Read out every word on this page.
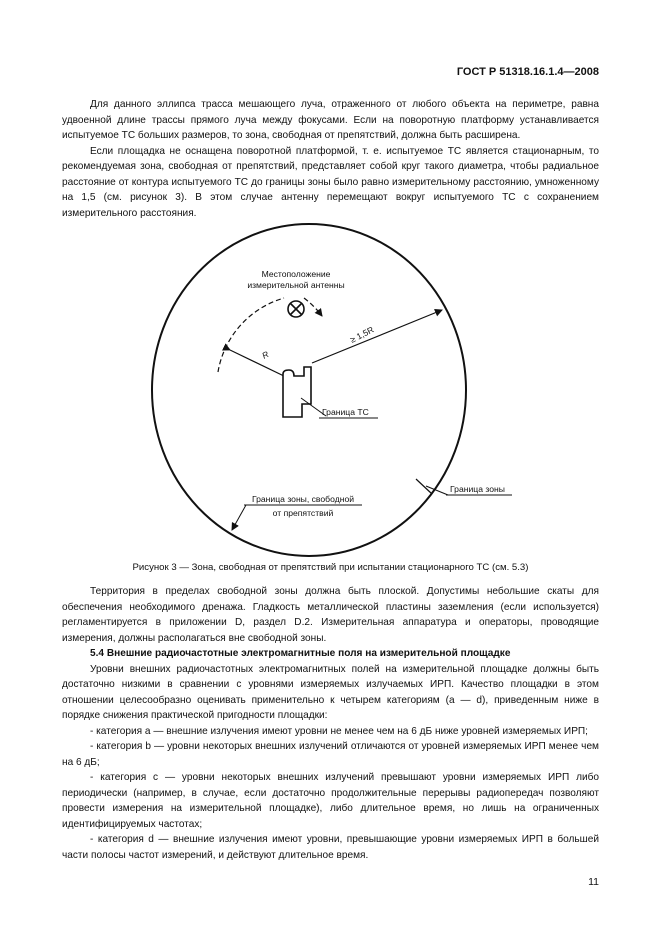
ГОСТ Р 51318.16.1.4—2008

Для данного эллипса трасса мешающего луча, отраженного от любого объекта на периметре, равна удвоенной длине трассы прямого луча между фокусами. Если на поворотную платформу устанавливается испытуемое ТС больших размеров, то зона, свободная от препятствий, должна быть расширена.

Если площадка не оснащена поворотной платформой, т. е. испытуемое ТС является стационарным, то рекомендуемая зона, свободная от препятствий, представляет собой круг такого диаметра, чтобы радиальное расстояние от контура испытуемого ТС до границы зоны было равно измерительному расстоянию, умноженному на 1,5 (см. рисунок 3). В этом случае антенну перемещают вокруг испытуемого ТС с сохранением измерительного расстояния.

Местоположение
измерительной антенны
R
≥ 1,5R
Граница ТС
Граница зоны
Граница зоны, свободной
от препятствий
Рисунок 3 — Зона, свободная от препятствий при испытании стационарного ТС (см. 5.3)

Территория в пределах свободной зоны должна быть плоской. Допустимы небольшие скаты для обеспечения необходимого дренажа. Гладкость металлической пластины заземления (если используется) регламентируется в приложении D, раздел D.2. Измерительная аппаратура и операторы, проводящие измерения, должны располагаться вне свободной зоны.

5.4 Внешние радиочастотные электромагнитные поля на измерительной площадке

Уровни внешних радиочастотных электромагнитных полей на измерительной площадке должны быть достаточно низкими в сравнении с уровнями измеряемых излучаемых ИРП. Качество площадки в этом отношении целесообразно оценивать применительно к четырем категориям (а — d), приведенным ниже в порядке снижения практической пригодности площадки:

- категория а — внешние излучения имеют уровни не менее чем на 6 дБ ниже уровней измеряемых ИРП;

- категория b — уровни некоторых внешних излучений отличаются от уровней измеряемых ИРП менее чем на 6 дБ;

- категория с — уровни некоторых внешних излучений превышают уровни измеряемых ИРП либо периодически (например, в случае, если достаточно продолжительные перерывы радиопередач позволяют провести измерения на измерительной площадке), либо длительное время, но лишь на ограниченных идентифицируемых частотах;

- категория d — внешние излучения имеют уровни, превышающие уровни измеряемых ИРП в большей части полосы частот измерений, и действуют длительное время.

11
